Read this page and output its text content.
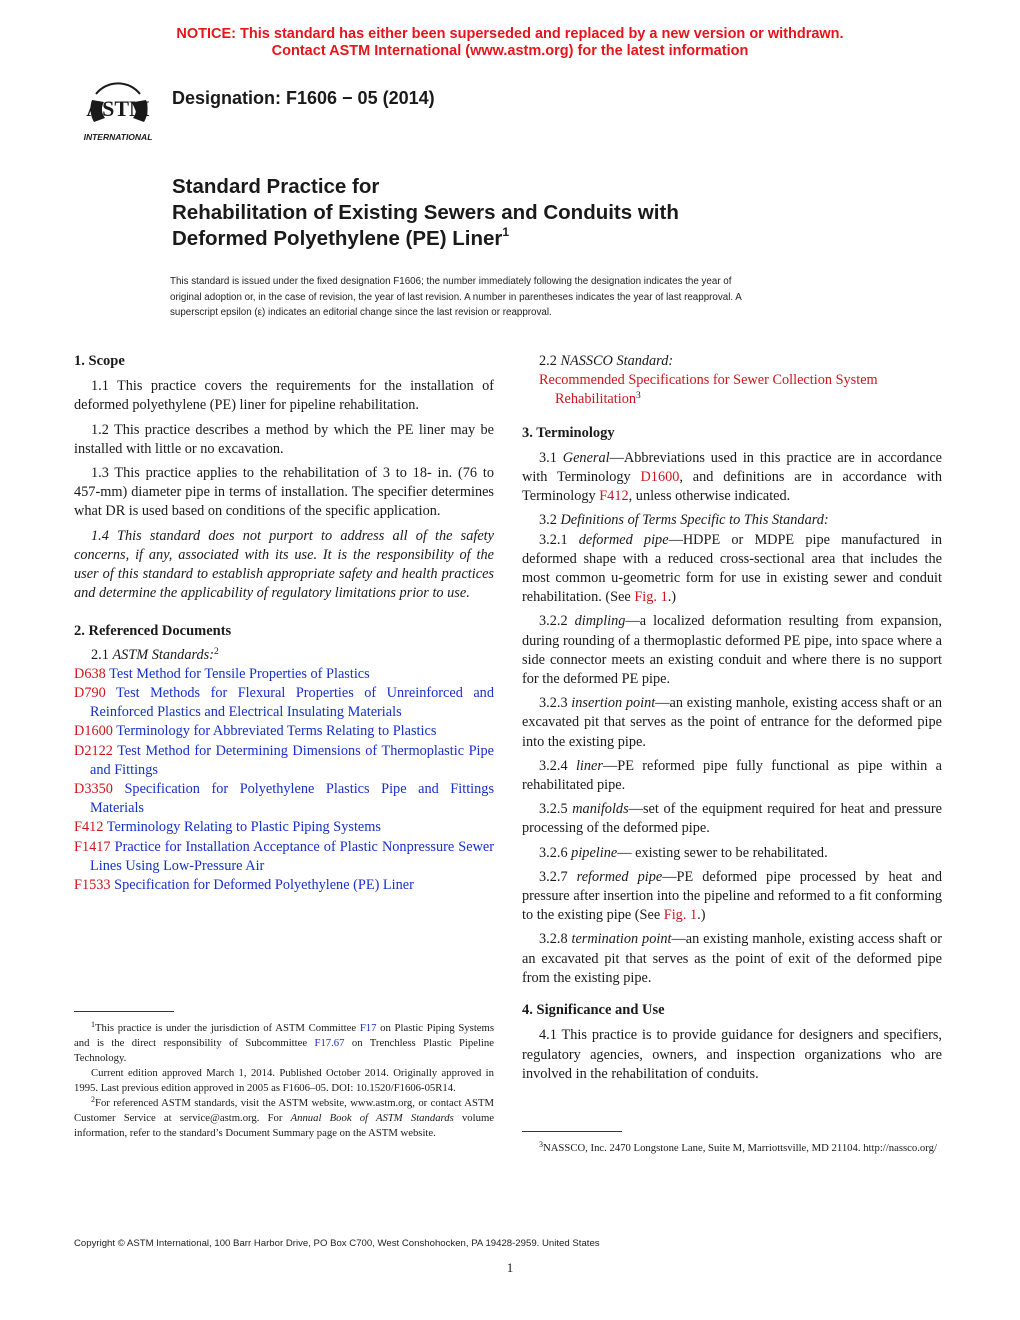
NOTICE: This standard has either been superseded and replaced by a new version or withdrawn.
Contact ASTM International (www.astm.org) for the latest information
ASTM
INTERNATIONAL
Designation: F1606 − 05 (2014)
Standard Practice for
Rehabilitation of Existing Sewers and Conduits with
Deformed Polyethylene (PE) Liner$^1$
This standard is issued under the fixed designation F1606; the number immediately following the designation indicates the year of
original adoption or, in the case of revision, the year of last revision. A number in parentheses indicates the year of last reapproval. A
superscript epsilon (ε) indicates an editorial change since the last revision or reapproval.

1. Scope

1.1 This practice covers the requirements for the installation of deformed polyethylene (PE) liner for pipeline rehabilitation.

1.2 This practice describes a method by which the PE liner may be installed with little or no excavation.

1.3 This practice applies to the rehabilitation of 3 to 18- in. (76 to 457-mm) diameter pipe in terms of installation. The specifier determines what DR is used based on conditions of the specific application.

1.4 This standard does not purport to address all of the safety concerns, if any, associated with its use. It is the responsibility of the user of this standard to establish appropriate safety and health practices and determine the applicability of regulatory limitations prior to use.

2. Referenced Documents

2.1 ASTM Standards:$^2$

D638 Test Method for Tensile Properties of Plastics

D790 Test Methods for Flexural Properties of Unreinforced and Reinforced Plastics and Electrical Insulating Materials

D1600 Terminology for Abbreviated Terms Relating to Plastics

D2122 Test Method for Determining Dimensions of Thermoplastic Pipe and Fittings

D3350 Specification for Polyethylene Plastics Pipe and Fittings Materials

F412 Terminology Relating to Plastic Piping Systems

F1417 Practice for Installation Acceptance of Plastic Nonpressure Sewer Lines Using Low-Pressure Air

F1533 Specification for Deformed Polyethylene (PE) Liner

2.2 NASSCO Standard:

Recommended Specifications for Sewer Collection System Rehabilitation$^3$

3. Terminology

3.1 General—Abbreviations used in this practice are in accordance with Terminology D1600, and definitions are in accordance with Terminology F412, unless otherwise indicated.

3.2 Definitions of Terms Specific to This Standard:

3.2.1 deformed pipe—HDPE or MDPE pipe manufactured in deformed shape with a reduced cross-sectional area that includes the most common u-geometric form for use in existing sewer and conduit rehabilitation. (See Fig. 1.)

3.2.2 dimpling—a localized deformation resulting from expansion, during rounding of a thermoplastic deformed PE pipe, into space where a side connector meets an existing conduit and where there is no support for the deformed PE pipe.

3.2.3 insertion point—an existing manhole, existing access shaft or an excavated pit that serves as the point of entrance for the deformed pipe into the existing pipe.

3.2.4 liner—PE reformed pipe fully functional as pipe within a rehabilitated pipe.

3.2.5 manifolds—set of the equipment required for heat and pressure processing of the deformed pipe.

3.2.6 pipeline— existing sewer to be rehabilitated.

3.2.7 reformed pipe—PE deformed pipe processed by heat and pressure after insertion into the pipeline and reformed to a fit conforming to the existing pipe (See Fig. 1.)

3.2.8 termination point—an existing manhole, existing access shaft or an excavated pit that serves as the point of exit of the deformed pipe from the existing pipe.

4. Significance and Use

4.1 This practice is to provide guidance for designers and specifiers, regulatory agencies, owners, and inspection organizations who are involved in the rehabilitation of conduits.

$^1$This practice is under the jurisdiction of ASTM Committee F17 on Plastic Piping Systems and is the direct responsibility of Subcommittee F17.67 on Trenchless Plastic Pipeline Technology.

Current edition approved March 1, 2014. Published October 2014. Originally approved in 1995. Last previous edition approved in 2005 as F1606–05. DOI: 10.1520/F1606-05R14.

$^2$For referenced ASTM standards, visit the ASTM website, www.astm.org, or contact ASTM Customer Service at service@astm.org. For Annual Book of ASTM Standards volume information, refer to the standard’s Document Summary page on the ASTM website.

$^3$NASSCO, Inc. 2470 Longstone Lane, Suite M, Marriottsville, MD 21104. http://nassco.org/
Copyright © ASTM International, 100 Barr Harbor Drive, PO Box C700, West Conshohocken, PA 19428-2959. United States
1
